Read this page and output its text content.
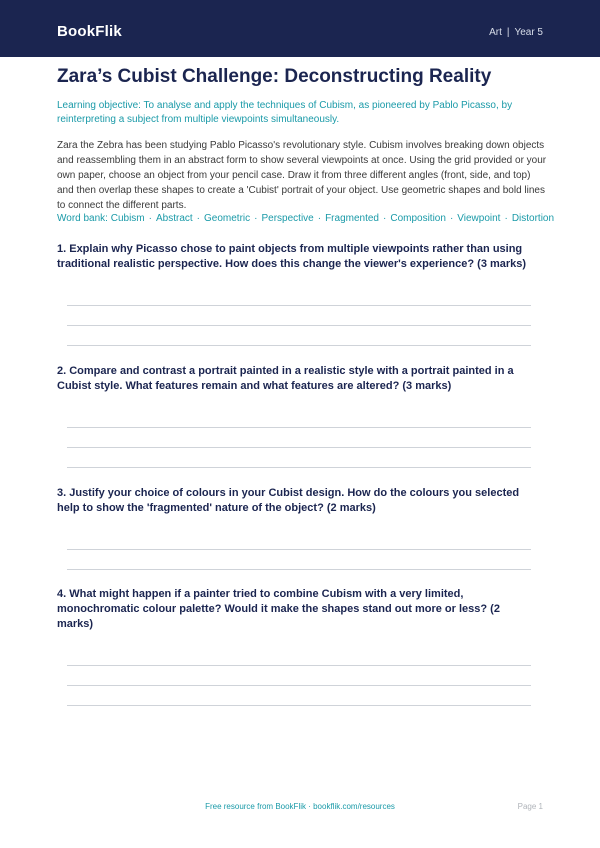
BookFlik	Art | Year 5
Zara’s Cubist Challenge: Deconstructing Reality
Learning objective: To analyse and apply the techniques of Cubism, as pioneered by Pablo Picasso, by reinterpreting a subject from multiple viewpoints simultaneously.
Zara the Zebra has been studying Pablo Picasso's revolutionary style. Cubism involves breaking down objects and reassembling them in an abstract form to show several viewpoints at once. Using the grid provided or your own paper, choose an object from your pencil case. Draw it from three different angles (front, side, and top) and then overlap these shapes to create a 'Cubist' portrait of your object. Use geometric shapes and bold lines to connect the different parts.
Word bank: Cubism · Abstract · Geometric · Perspective · Fragmented · Composition · Viewpoint · Distortion
1. Explain why Picasso chose to paint objects from multiple viewpoints rather than using traditional realistic perspective. How does this change the viewer's experience? (3 marks)
2. Compare and contrast a portrait painted in a realistic style with a portrait painted in a Cubist style. What features remain and what features are altered? (3 marks)
3. Justify your choice of colours in your Cubist design. How do the colours you selected help to show the 'fragmented' nature of the object? (2 marks)
4. What might happen if a painter tried to combine Cubism with a very limited, monochromatic colour palette? Would it make the shapes stand out more or less? (2 marks)
Free resource from BookFlik · bookflik.com/resources	Page 1
